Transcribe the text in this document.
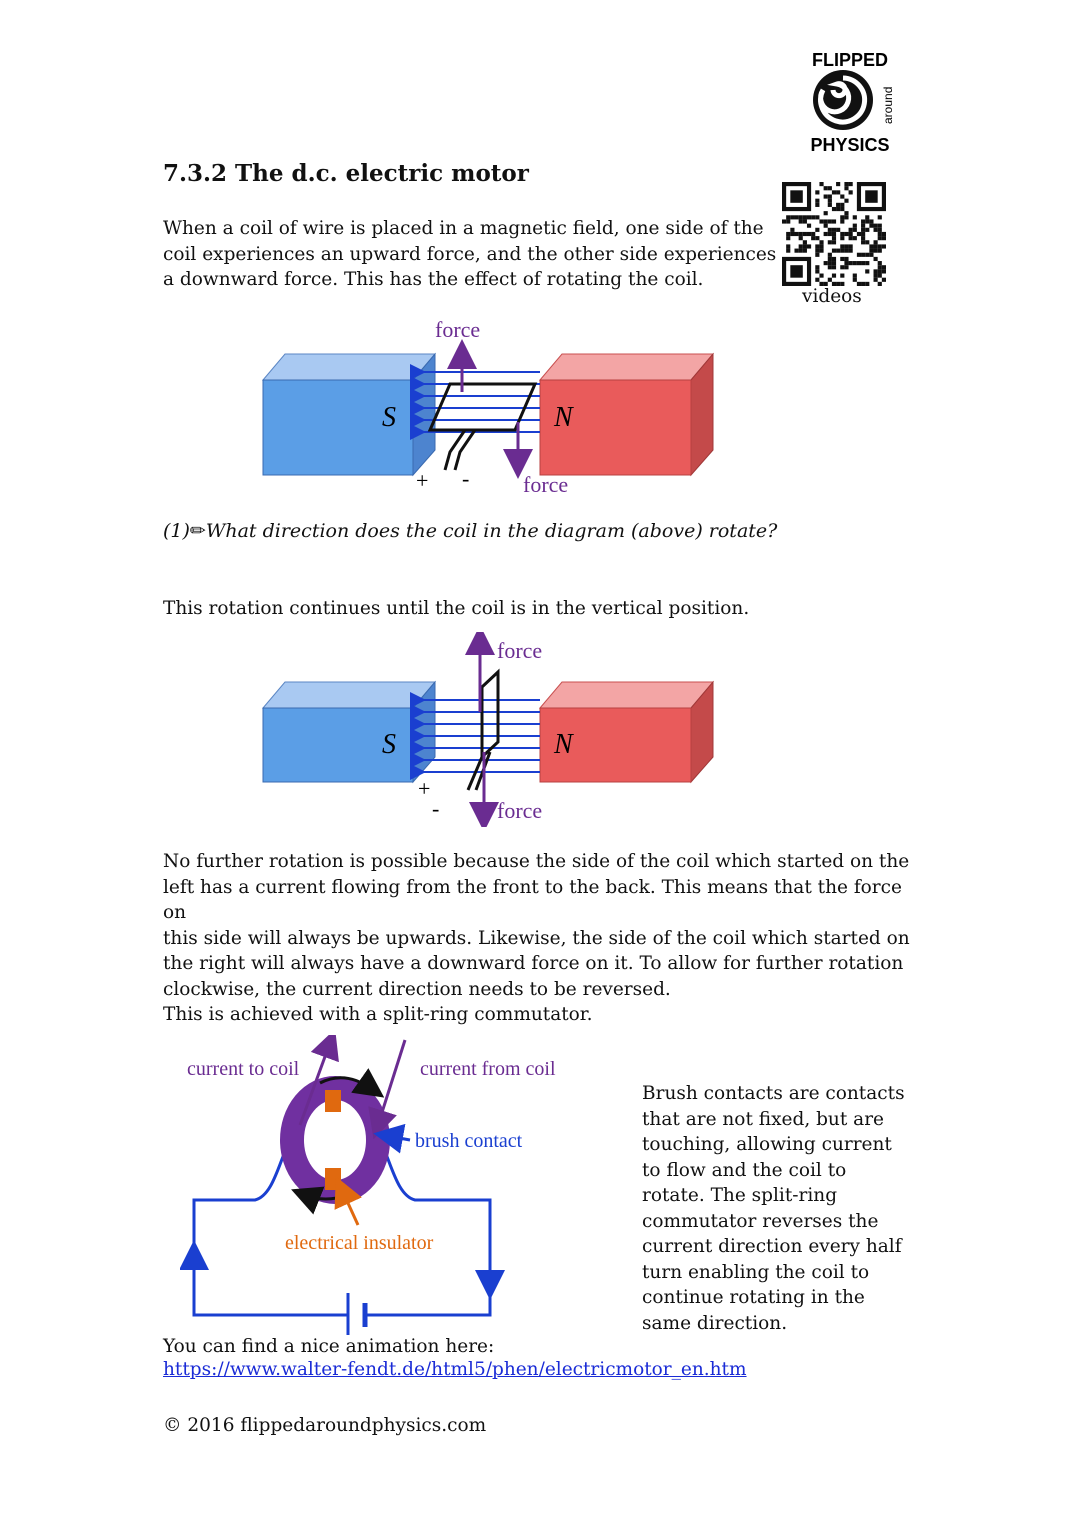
FLIPPED
around
PHYSICS
videos
7.3.2 The d.c. electric motor
When a coil of wire is placed in a magnetic field, one side of the
coil experiences an upward force, and the other side experiences
a downward force. This has the effect of rotating the coil.
force
force
S	N
+ -
(1)✏What direction does the coil in the diagram (above) rotate?
This rotation continues until the coil is in the vertical position.
force
force
S	N
+
-
No further rotation is possible because the side of the coil which started on the
left has a current flowing from the front to the back. This means that the force on
this side will always be upwards. Likewise, the side of the coil which started on
the right will always have a downward force on it. To allow for further rotation
clockwise, the current direction needs to be reversed.
This is achieved with a split-ring commutator.
current to coil	current from coil
brush contact
electrical insulator
Brush contacts are contacts
that are not fixed, but are
touching, allowing current
to flow and the coil to
rotate. The split-ring
commutator reverses the
current direction every half
turn enabling the coil to
continue rotating in the
same direction.
You can find a nice animation here:
https://www.walter-fendt.de/html5/phen/electricmotor_en.htm
© 2016 flippedaroundphysics.com
